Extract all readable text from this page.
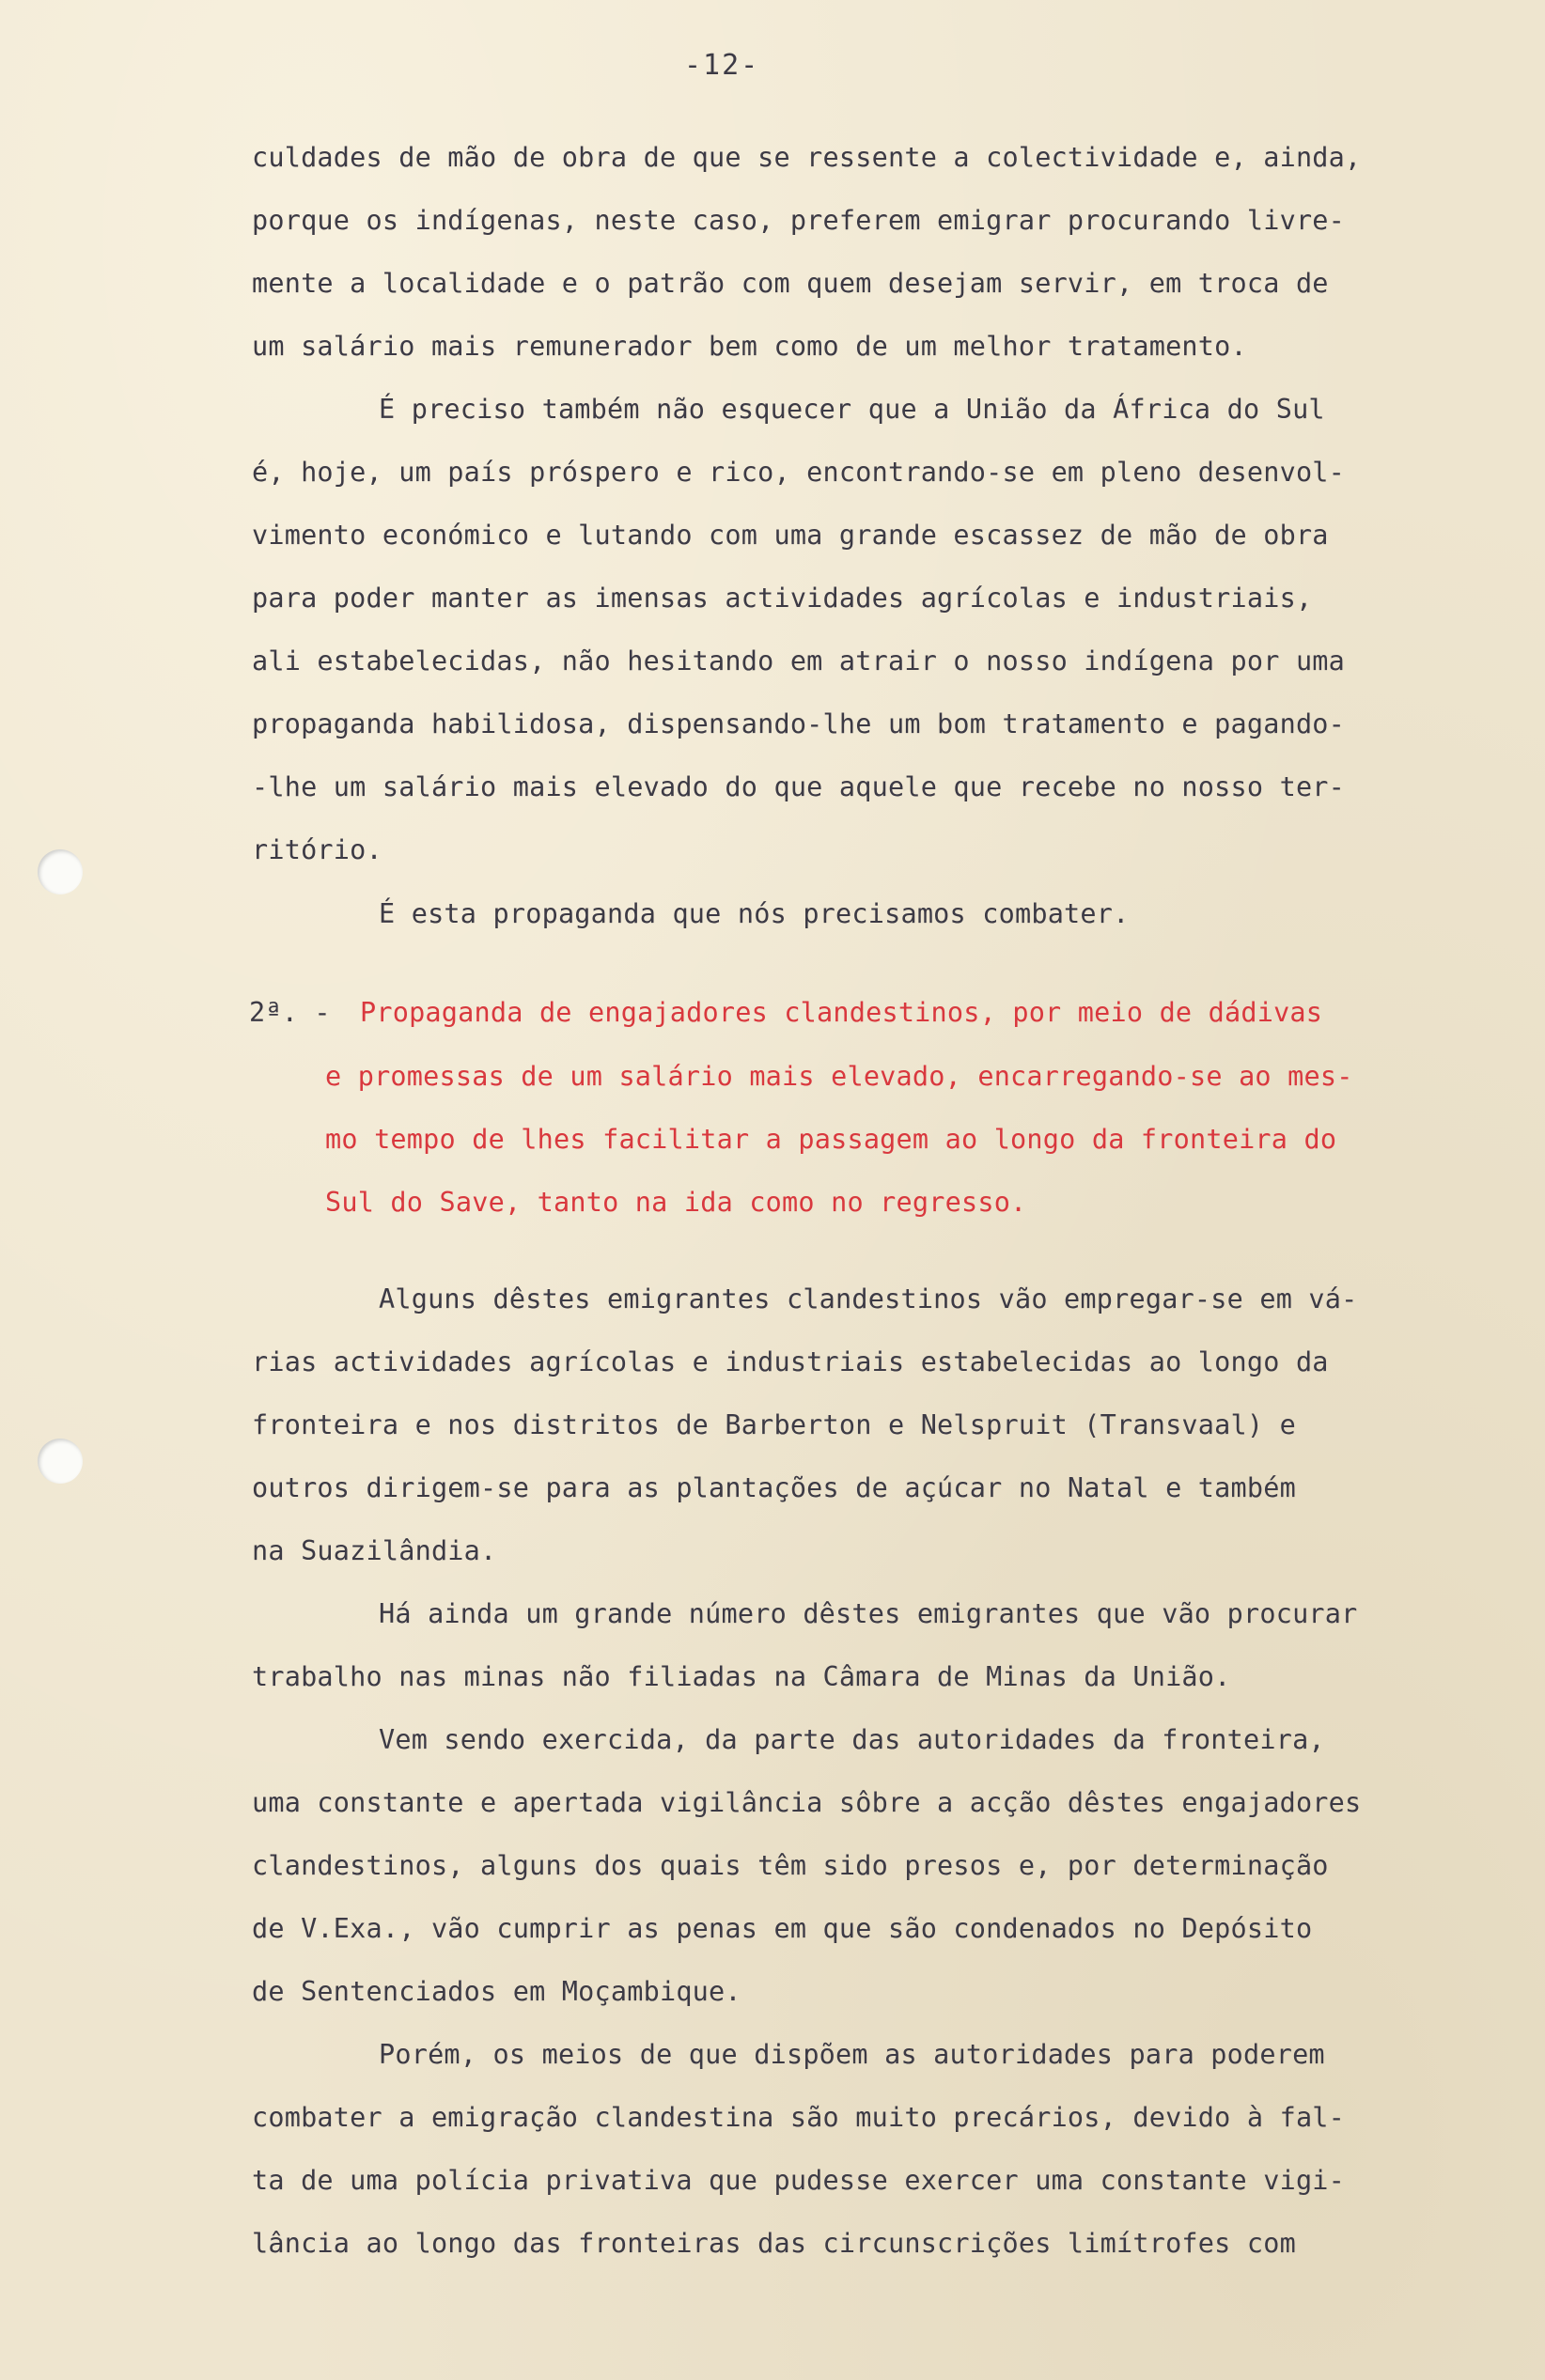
-12-
culdades de mão de obra de que se ressente a colectividade e, ainda,
porque os indígenas, neste caso, preferem emigrar procurando livre-
mente a localidade e o patrão com quem desejam servir, em troca de
um salário mais remunerador bem como de um melhor tratamento.
É preciso também não esquecer que a União da África do Sul
é, hoje, um país próspero e rico, encontrando-se em pleno desenvol-
vimento económico e lutando com uma grande escassez de mão de obra
para poder manter as imensas actividades agrícolas e industriais,
ali estabelecidas, não hesitando em atrair o nosso indígena por uma
propaganda habilidosa, dispensando-lhe um bom tratamento e pagando-
-lhe um salário mais elevado do que aquele que recebe no nosso ter-
ritório.
É esta propaganda que nós precisamos combater.
2ª. - Propaganda de engajadores clandestinos, por meio de dádivas
e promessas de um salário mais elevado, encarregando-se ao mes-
mo tempo de lhes facilitar a passagem ao longo da fronteira do
Sul do Save, tanto na ida como no regresso.
Alguns dêstes emigrantes clandestinos vão empregar-se em vá-
rias actividades agrícolas e industriais estabelecidas ao longo da
fronteira e nos distritos de Barberton e Nelspruit (Transvaal) e
outros dirigem-se para as plantações de açúcar no Natal e também
na Suazilândia.
Há ainda um grande número dêstes emigrantes que vão procurar
trabalho nas minas não filiadas na Câmara de Minas da União.
Vem sendo exercida, da parte das autoridades da fronteira,
uma constante e apertada vigilância sôbre a acção dêstes engajadores
clandestinos, alguns dos quais têm sido presos e, por determinação
de V.Exa., vão cumprir as penas em que são condenados no Depósito
de Sentenciados em Moçambique.
Porém, os meios de que dispõem as autoridades para poderem
combater a emigração clandestina são muito precários, devido à fal-
ta de uma polícia privativa que pudesse exercer uma constante vigi-
lância ao longo das fronteiras das circunscrições limítrofes com
